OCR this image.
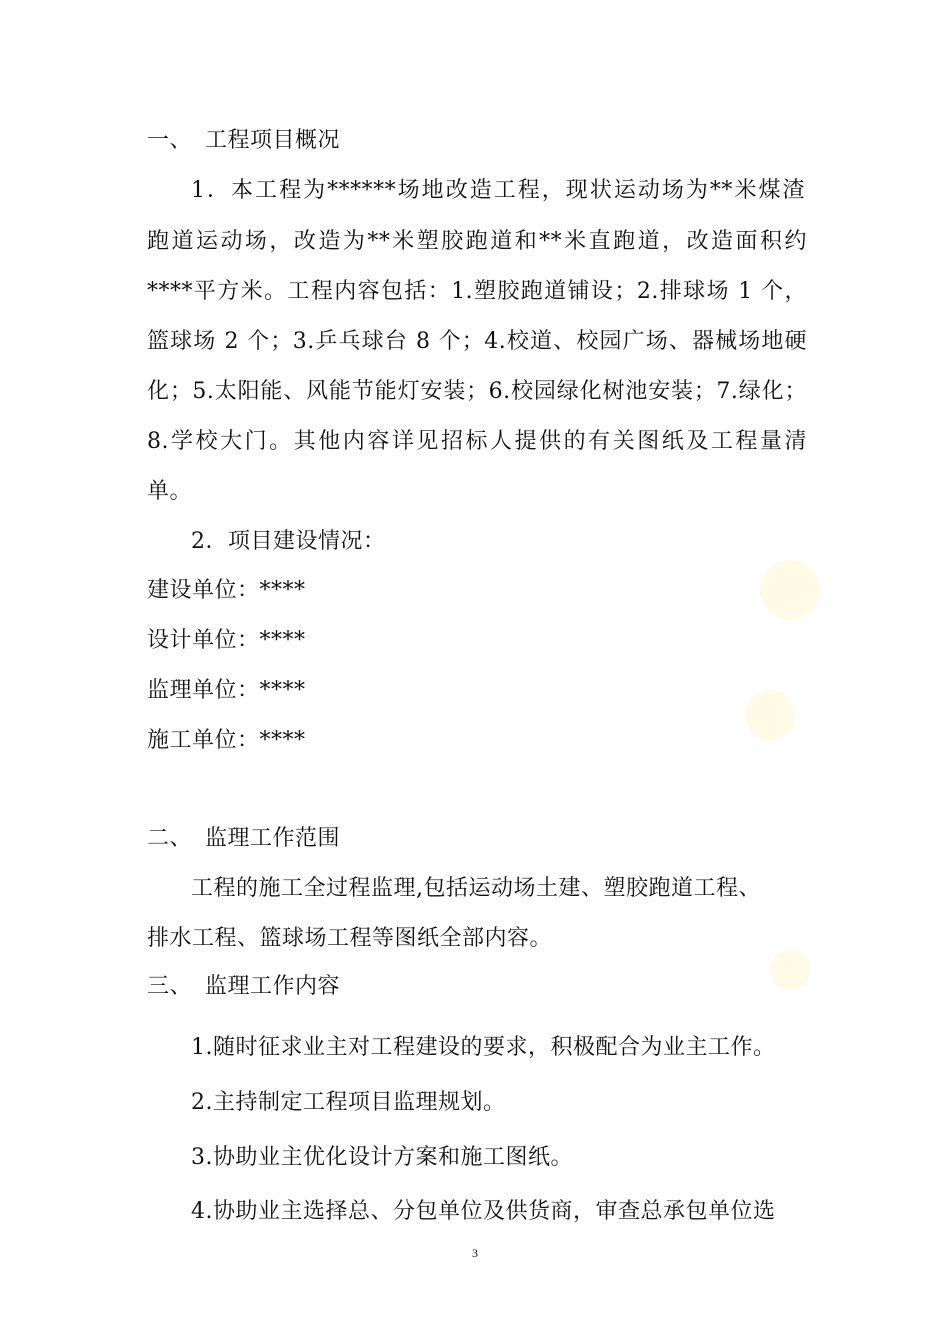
一、 工程项目概况
1．本工程为******场地改造工程，现状运动场为**米煤渣
跑道运动场，改造为**米塑胶跑道和**米直跑道，改造面积约
****平方米。工程内容包括：1.塑胶跑道铺设；2.排球场 1 个，
篮球场 2 个；3.乒乓球台 8 个；4.校道、校园广场、器械场地硬
化；5.太阳能、风能节能灯安装；6.校园绿化树池安装；7.绿化；
8.学校大门。其他内容详见招标人提供的有关图纸及工程量清
单。
2．项目建设情况：
建设单位：****
设计单位：****
监理单位：****
施工单位：****
二、 监理工作范围
工程的施工全过程监理,包括运动场土建、塑胶跑道工程、
排水工程、篮球场工程等图纸全部内容。
三、 监理工作内容
1.随时征求业主对工程建设的要求，积极配合为业主工作。
2.主持制定工程项目监理规划。
3.协助业主优化设计方案和施工图纸。
4.协助业主选择总、分包单位及供货商，审查总承包单位选
3
